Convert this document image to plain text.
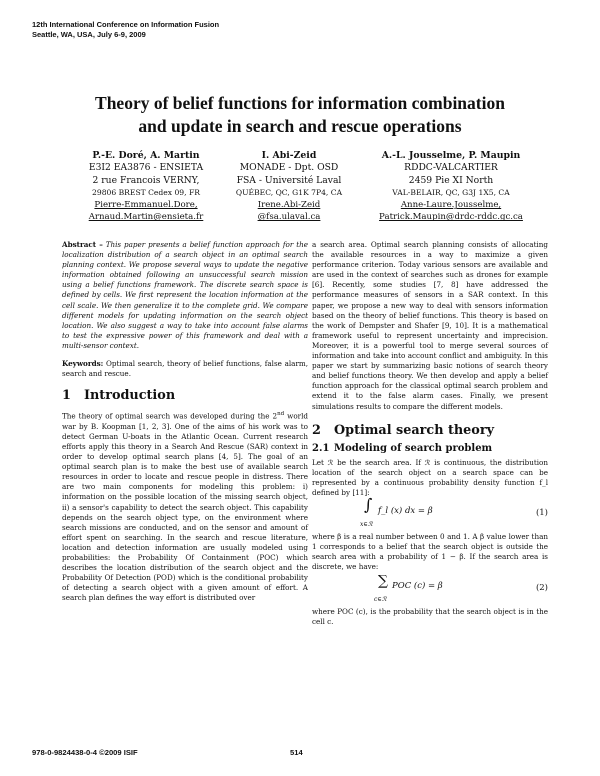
12th International Conference on Information Fusion
Seattle, WA, USA, July 6-9, 2009
Theory of belief functions for information combination
and update in search and rescue operations
P.-E. Doré, A. Martin
E3I2 EA3876 - ENSIETA
2 rue Francois VERNY,
29806 BREST Cedex 09, FR
Pierre-Emmanuel.Dore,
Arnaud.Martin@ensieta.fr
I. Abi-Zeid
MONADE - Dpt. OSD
FSA - Université Laval
QUÉBEC, QC, G1K 7P4, CA
Irene.Abi-Zeid
@fsa.ulaval.ca
A.-L. Jousselme, P. Maupin
RDDC-VALCARTIER
2459 Pie XI North
VAL-BELAIR, QC, G3J 1X5, CA
Anne-Laure.Jousselme,
Patrick.Maupin@drdc-rddc.gc.ca

Abstract – This paper presents a belief function approach for the localization distribution of a search object in an optimal search planning context. We propose several ways to update the negative information obtained following an unsuccessful search mission using a belief functions framework. The discrete search space is defined by cells. We first represent the location information at the cell scale. We then generalize it to the complete grid. We compare different models for updating information on the search object location. We also suggest a way to take into account false alarms to test the expressive power of this framework and deal with a multi-sensor context.

Keywords: Optimal search, theory of belief functions, false alarm, search and rescue.

1 Introduction

The theory of optimal search was developed during the 2nd world war by B. Koopman [1, 2, 3]. One of the aims of his work was to detect German U-boats in the Atlantic Ocean. Current research efforts apply this theory in a Search And Rescue (SAR) context in order to develop optimal search plans [4, 5]. The goal of an optimal search plan is to make the best use of available search resources in order to locate and rescue people in distress. There are two main components for modeling this problem: i) information on the possible location of the missing search object, ii) a sensor's capability to detect the search object. This capability depends on the search object type, on the environment where search missions are conducted, and on the sensor and amount of effort spent on searching. In the search and rescue literature, location and detection information are usually modeled using probabilities: the Probability Of Containment (POC) which describes the location distribution of the search object and the Probability Of Detection (POD) which is the conditional probability of detecting a search object with a given amount of effort. A search plan defines the way effort is distributed over

a search area. Optimal search planning consists of allocating the available resources in a way to maximize a given performance criterion. Today various sensors are available and are used in the context of searches such as drones for example [6]. Recently, some studies [7, 8] have addressed the performance measures of sensors in a SAR context. In this paper, we propose a new way to deal with sensors information based on the theory of belief functions. This theory is based on the work of Dempster and Shafer [9, 10]. It is a mathematical framework useful to represent uncertainty and imprecision. Moreover, it is a powerful tool to merge several sources of information and take into account conflict and ambiguity. In this paper we start by summarizing basic notions of search theory and belief functions theory. We then develop and apply a belief function approach for the classical optimal search problem and extend it to the false alarm cases. Finally, we present simulations results to compare the different models.

2 Optimal search theory
2.1 Modeling of search problem

Let ℛ be the search area. If ℛ is continuous, the distribution location of the search object on a search space can be represented by a continuous probability density function f_l defined by [11]:

∫
x∈ℛ
f_l (x) dx = β	(1)

where β is a real number between 0 and 1. A β value lower than 1 corresponds to a belief that the search object is outside the search area with a probability of 1 − β. If the search area is discrete, we have:

∑
c∈ℛ
POC (c) = β	(2)

where POC (c), is the probability that the search object is in the cell c.

978-0-9824438-0-4 ©2009 ISIF	514
